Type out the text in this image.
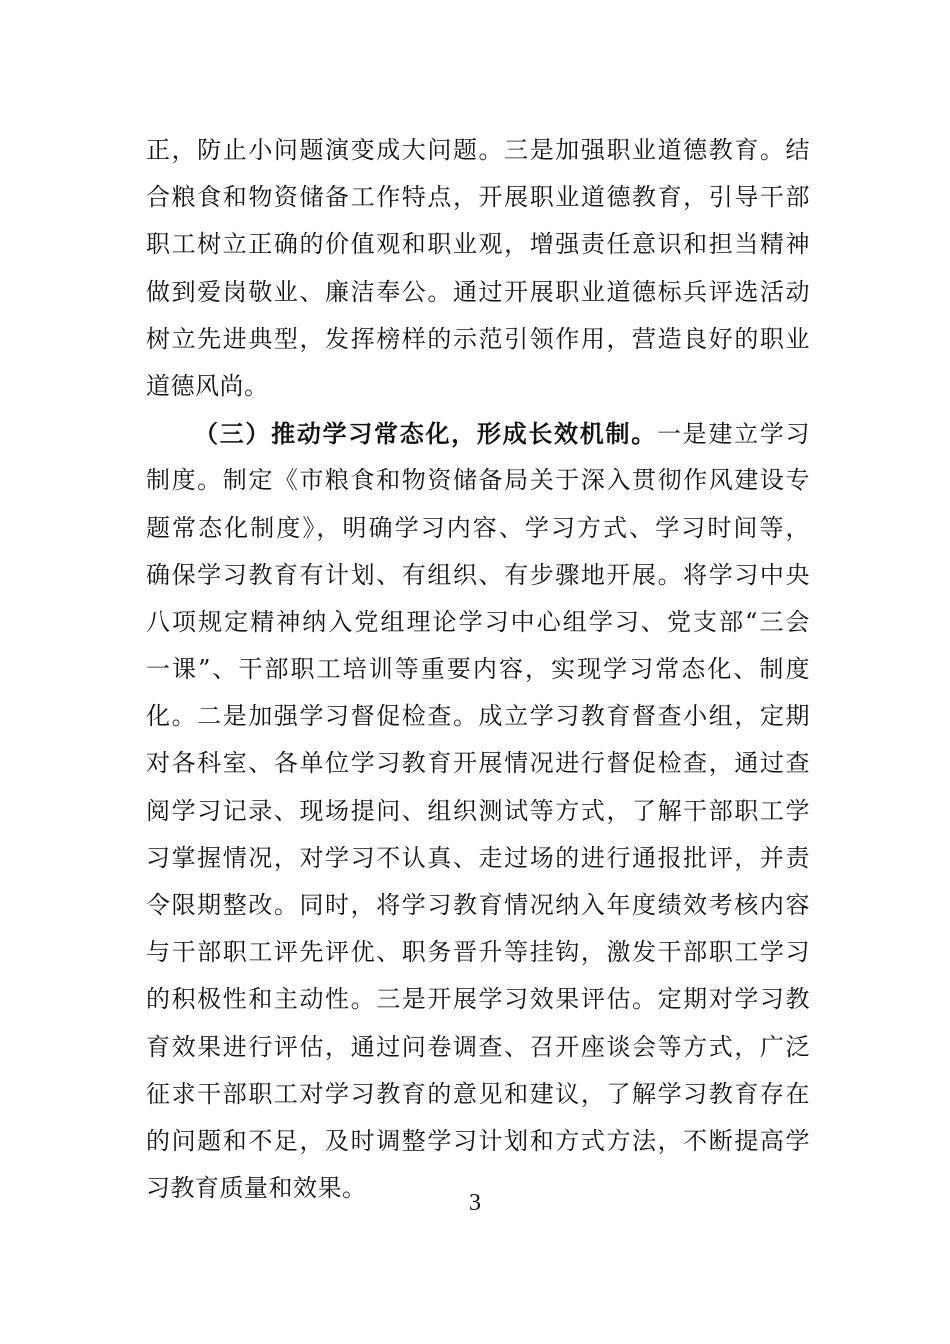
正，防止小问题演变成大问题。三是加强职业道德教育。结
合粮食和物资储备工作特点，开展职业道德教育，引导干部
职工树立正确的价值观和职业观，增强责任意识和担当精神
做到爱岗敬业、廉洁奉公。通过开展职业道德标兵评选活动
树立先进典型，发挥榜样的示范引领作用，营造良好的职业
道德风尚。
（三）推动学习常态化，形成长效机制。一是建立学习
制度。制定《市粮食和物资储备局关于深入贯彻作风建设专
题常态化制度》，明确学习内容、学习方式、学习时间等，
确保学习教育有计划、有组织、有步骤地开展。将学习中央
八项规定精神纳入党组理论学习中心组学习、党支部“三会
一课”、干部职工培训等重要内容，实现学习常态化、制度
化。二是加强学习督促检查。成立学习教育督查小组，定期
对各科室、各单位学习教育开展情况进行督促检查，通过查
阅学习记录、现场提问、组织测试等方式，了解干部职工学
习掌握情况，对学习不认真、走过场的进行通报批评，并责
令限期整改。同时，将学习教育情况纳入年度绩效考核内容
与干部职工评先评优、职务晋升等挂钩，激发干部职工学习
的积极性和主动性。三是开展学习效果评估。定期对学习教
育效果进行评估，通过问卷调查、召开座谈会等方式，广泛
征求干部职工对学习教育的意见和建议，了解学习教育存在
的问题和不足，及时调整学习计划和方式方法，不断提高学
习教育质量和效果。
3
